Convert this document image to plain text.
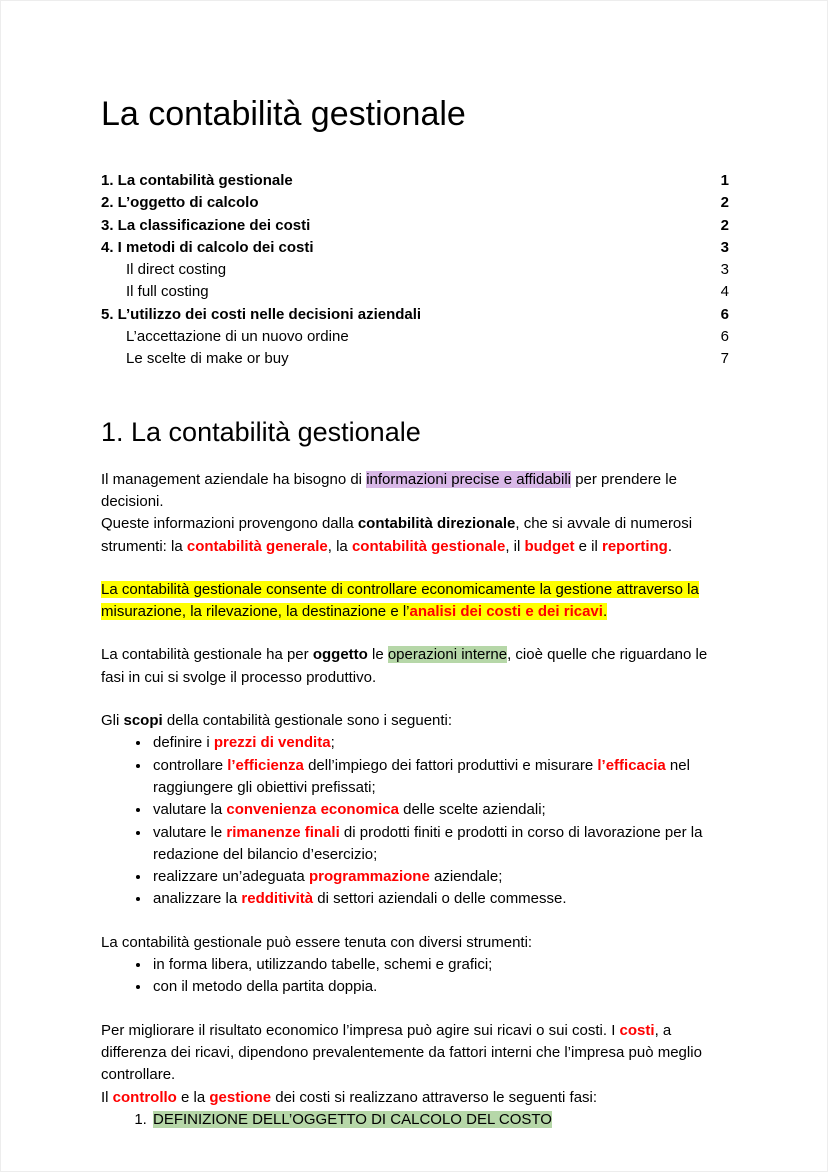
La contabilità gestionale
1. La contabilità gestionale	1
2. L’oggetto di calcolo	2
3. La classificazione dei costi	2
4. I metodi di calcolo dei costi	3
Il direct costing	3
Il full costing	4
5. L’utilizzo dei costi nelle decisioni aziendali	6
L’accettazione di un nuovo ordine	6
Le scelte di make or buy	7
1. La contabilità gestionale

Il management aziendale ha bisogno di informazioni precise e affidabili per prendere le decisioni.

Queste informazioni provengono dalla contabilità direzionale, che si avvale di numerosi strumenti: la contabilità generale, la contabilità gestionale, il budget e il reporting.

La contabilità gestionale consente di controllare economicamente la gestione attraverso la misurazione, la rilevazione, la destinazione e l’analisi dei costi e dei ricavi.

La contabilità gestionale ha per oggetto le operazioni interne, cioè quelle che riguardano le fasi in cui si svolge il processo produttivo.

Gli scopi della contabilità gestionale sono i seguenti:

• definire i prezzi di vendita;
• controllare l’efficienza dell’impiego dei fattori produttivi e misurare l’efficacia nel raggiungere gli obiettivi prefissati;
• valutare la convenienza economica delle scelte aziendali;
• valutare le rimanenze finali di prodotti finiti e prodotti in corso di lavorazione per la redazione del bilancio d’esercizio;
• realizzare un’adeguata programmazione aziendale;
• analizzare la redditività di settori aziendali o delle commesse.

La contabilità gestionale può essere tenuta con diversi strumenti:

• in forma libera, utilizzando tabelle, schemi e grafici;
• con il metodo della partita doppia.

Per migliorare il risultato economico l’impresa può agire sui ricavi o sui costi. I costi, a differenza dei ricavi, dipendono prevalentemente da fattori interni che l’impresa può meglio controllare.

Il controllo e la gestione dei costi si realizzano attraverso le seguenti fasi:

1. DEFINIZIONE DELL’OGGETTO DI CALCOLO DEL COSTO
